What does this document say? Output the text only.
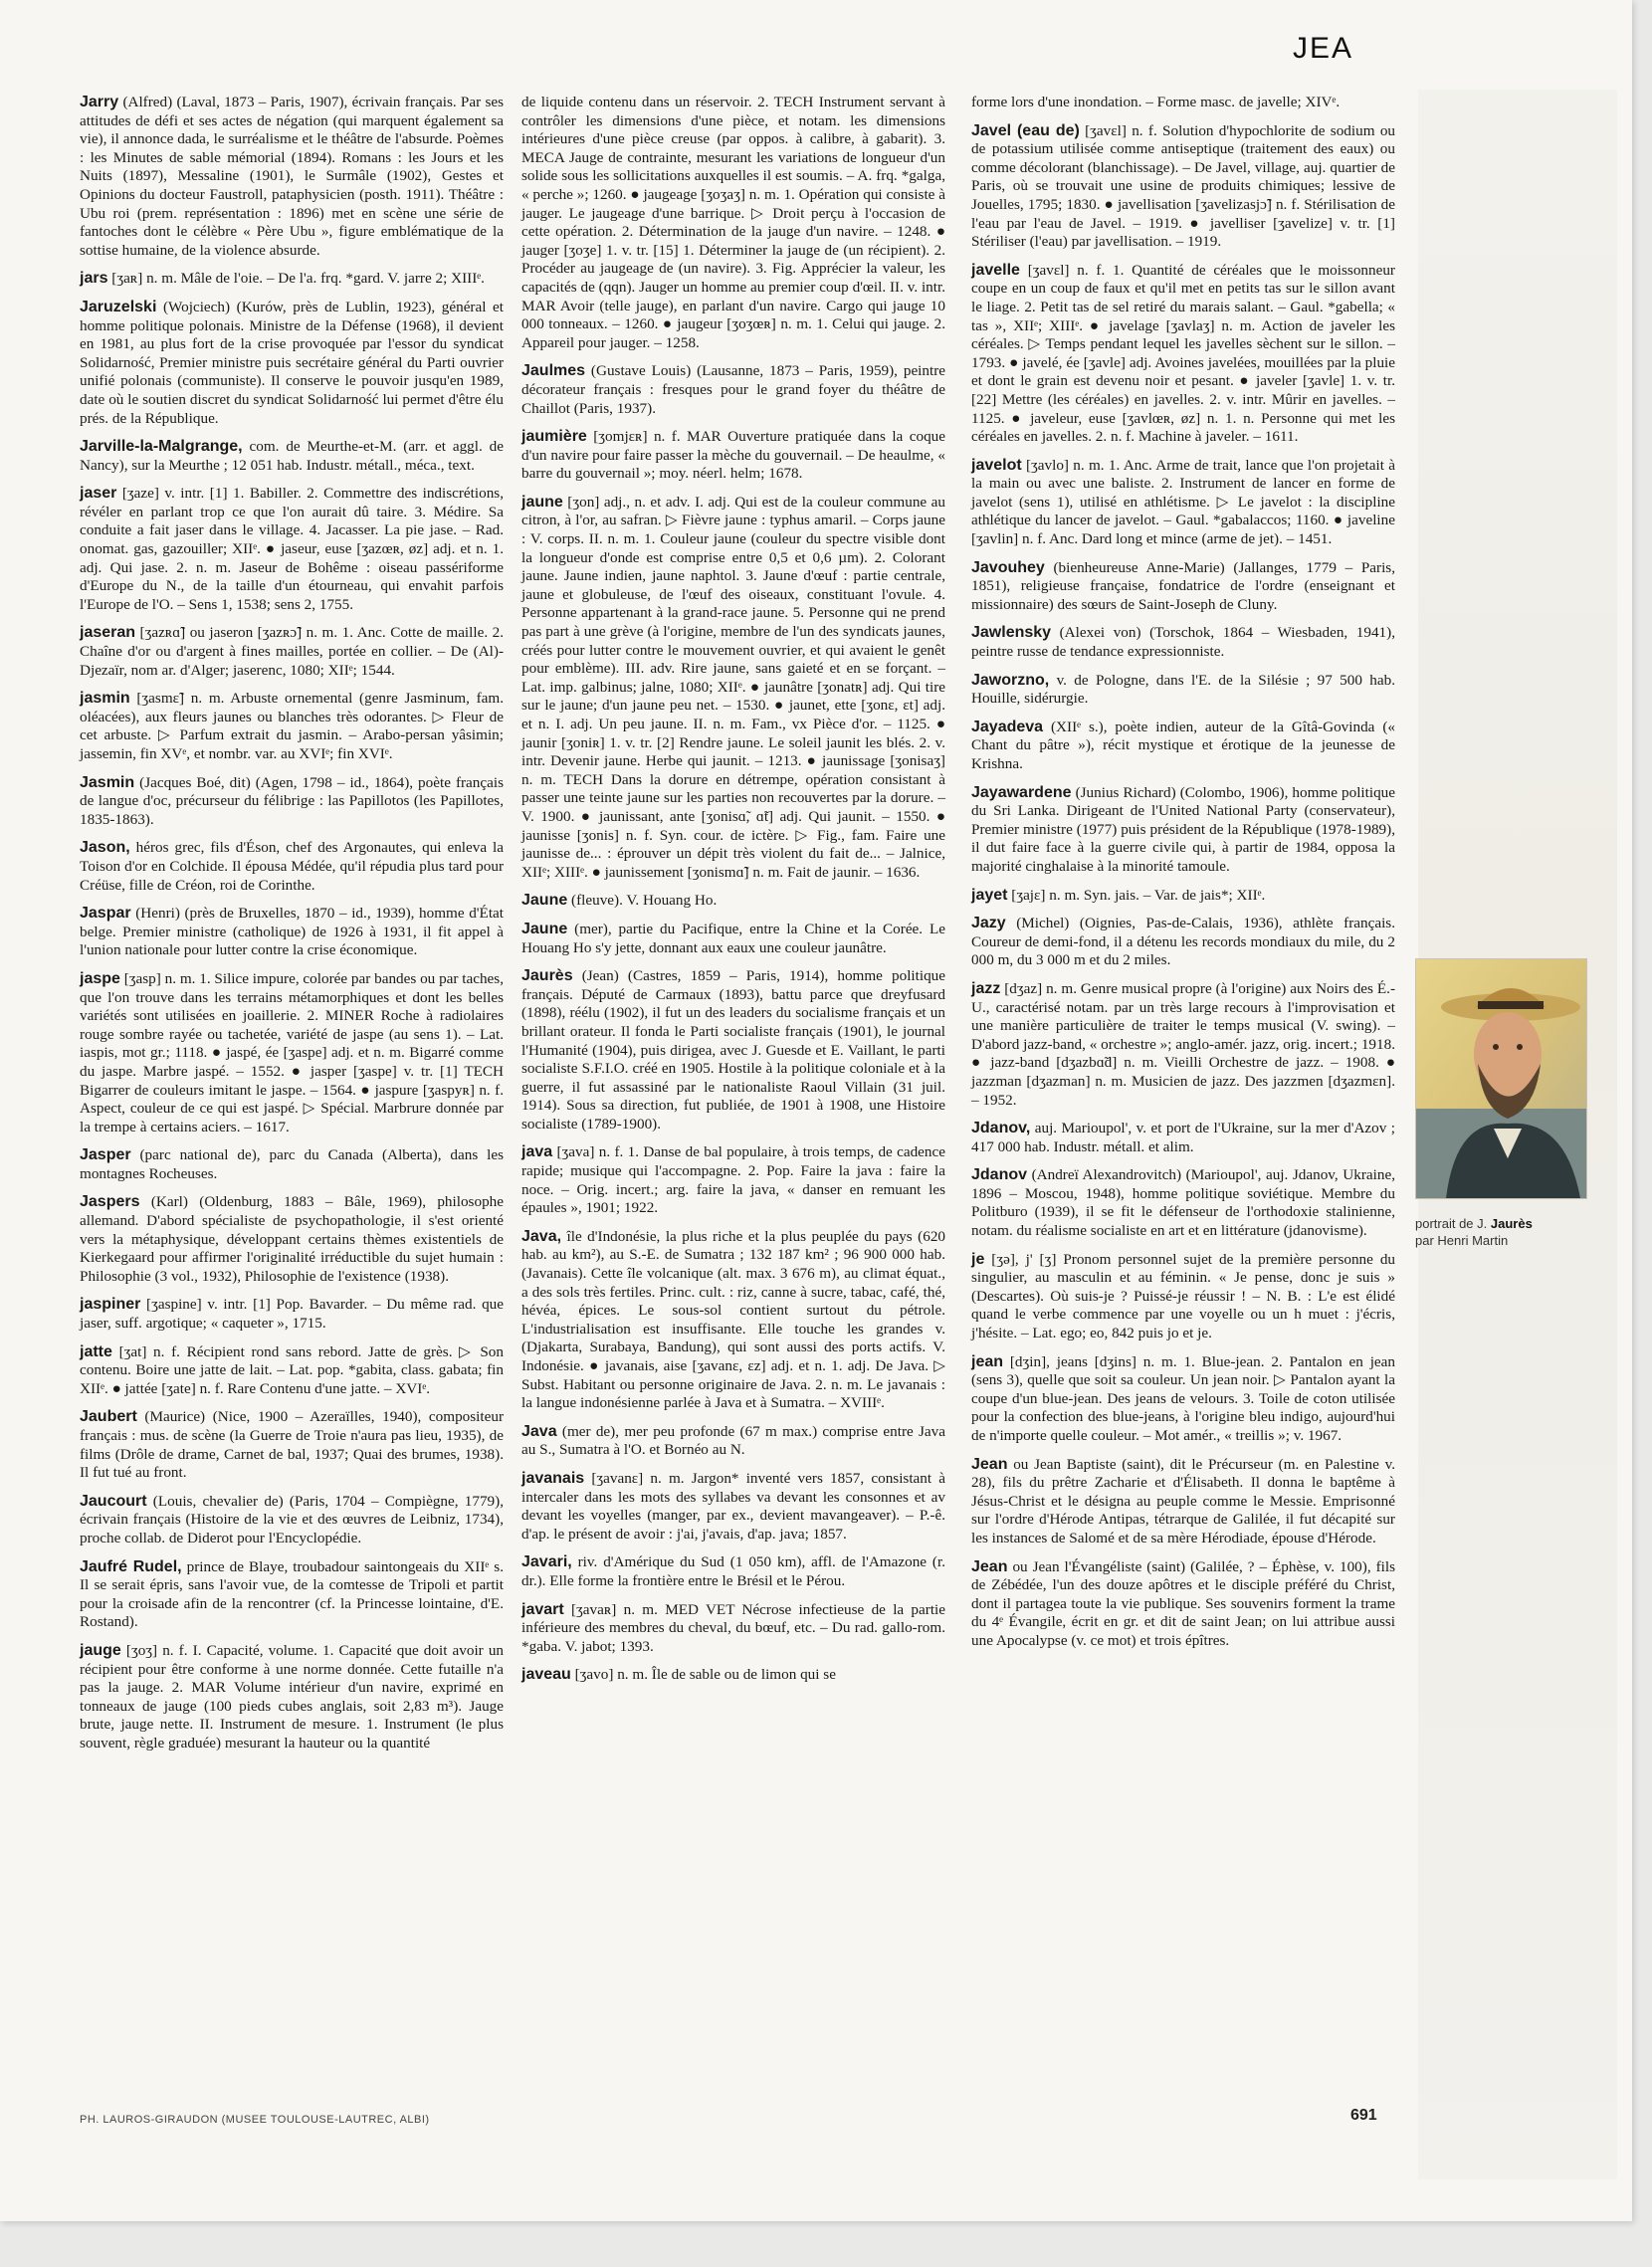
JEA

Jarry (Alfred) (Laval, 1873 – Paris, 1907), écrivain français. Par ses attitudes de défi et ses actes de négation (qui marquent également sa vie), il annonce dada, le surréalisme et le théâtre de l'absurde. Poèmes : les Minutes de sable mémorial (1894). Romans : les Jours et les Nuits (1897), Messaline (1901), le Surmâle (1902), Gestes et Opinions du docteur Faustroll, pataphysicien (posth. 1911). Théâtre : Ubu roi (prem. représentation : 1896) met en scène une série de fantoches dont le célèbre « Père Ubu », figure emblématique de la sottise humaine, de la violence absurde.

jars [ʒaʀ] n. m. Mâle de l'oie. – De l'a. frq. *gard. V. jarre 2; XIIIᵉ.

Jaruzelski (Wojciech) (Kurów, près de Lublin, 1923), général et homme politique polonais. Ministre de la Défense (1968), il devient en 1981, au plus fort de la crise provoquée par l'essor du syndicat Solidarność, Premier ministre puis secrétaire général du Parti ouvrier unifié polonais (communiste). Il conserve le pouvoir jusqu'en 1989, date où le soutien discret du syndicat Solidarność lui permet d'être élu prés. de la République.

Jarville-la-Malgrange, com. de Meurthe-et-M. (arr. et aggl. de Nancy), sur la Meurthe ; 12 051 hab. Industr. métall., méca., text.

jaser [ʒaze] v. intr. [1] 1. Babiller. 2. Commettre des indiscrétions, révéler en parlant trop ce que l'on aurait dû taire. 3. Médire. Sa conduite a fait jaser dans le village. 4. Jacasser. La pie jase. – Rad. onomat. gas, gazouiller; XIIᵉ. ● jaseur, euse [ʒazœʀ, øz] adj. et n. 1. adj. Qui jase. 2. n. m. Jaseur de Bohême : oiseau passériforme d'Europe du N., de la taille d'un étourneau, qui envahit parfois l'Europe de l'O. – Sens 1, 1538; sens 2, 1755.

jaseran [ʒazʀɑ̃] ou jaseron [ʒazʀɔ̃] n. m. 1. Anc. Cotte de maille. 2. Chaîne d'or ou d'argent à fines mailles, portée en collier. – De (Al)-Djezaïr, nom ar. d'Alger; jaserenc, 1080; XIIᵉ; 1544.

jasmin [ʒasmɛ̃] n. m. Arbuste ornemental (genre Jasminum, fam. oléacées), aux fleurs jaunes ou blanches très odorantes. ▷ Fleur de cet arbuste. ▷ Parfum extrait du jasmin. – Arabo-persan yâsimin; jassemin, fin XVᵉ, et nombr. var. au XVIᵉ; fin XVIᵉ.

Jasmin (Jacques Boé, dit) (Agen, 1798 – id., 1864), poète français de langue d'oc, précurseur du félibrige : las Papillotos (les Papillotes, 1835-1863).

Jason, héros grec, fils d'Éson, chef des Argonautes, qui enleva la Toison d'or en Colchide. Il épousa Médée, qu'il répudia plus tard pour Créüse, fille de Créon, roi de Corinthe.

Jaspar (Henri) (près de Bruxelles, 1870 – id., 1939), homme d'État belge. Premier ministre (catholique) de 1926 à 1931, il fit appel à l'union nationale pour lutter contre la crise économique.

jaspe [ʒasp] n. m. 1. Silice impure, colorée par bandes ou par taches, que l'on trouve dans les terrains métamorphiques et dont les belles variétés sont utilisées en joaillerie. 2. MINER Roche à radiolaires rouge sombre rayée ou tachetée, variété de jaspe (au sens 1). – Lat. iaspis, mot gr.; 1118. ● jaspé, ée [ʒaspe] adj. et n. m. Bigarré comme du jaspe. Marbre jaspé. – 1552. ● jasper [ʒaspe] v. tr. [1] TECH Bigarrer de couleurs imitant le jaspe. – 1564. ● jaspure [ʒaspyʀ] n. f. Aspect, couleur de ce qui est jaspé. ▷ Spécial. Marbrure donnée par la trempe à certains aciers. – 1617.

Jasper (parc national de), parc du Canada (Alberta), dans les montagnes Rocheuses.

Jaspers (Karl) (Oldenburg, 1883 – Bâle, 1969), philosophe allemand. D'abord spécialiste de psychopathologie, il s'est orienté vers la métaphysique, développant certains thèmes existentiels de Kierkegaard pour affirmer l'originalité irréductible du sujet humain : Philosophie (3 vol., 1932), Philosophie de l'existence (1938).

jaspiner [ʒaspine] v. intr. [1] Pop. Bavarder. – Du même rad. que jaser, suff. argotique; « caqueter », 1715.

jatte [ʒat] n. f. Récipient rond sans rebord. Jatte de grès. ▷ Son contenu. Boire une jatte de lait. – Lat. pop. *gabita, class. gabata; fin XIIᵉ. ● jattée [ʒate] n. f. Rare Contenu d'une jatte. – XVIᵉ.

Jaubert (Maurice) (Nice, 1900 – Azeraïlles, 1940), compositeur français : mus. de scène (la Guerre de Troie n'aura pas lieu, 1935), de films (Drôle de drame, Carnet de bal, 1937; Quai des brumes, 1938). Il fut tué au front.

Jaucourt (Louis, chevalier de) (Paris, 1704 – Compiègne, 1779), écrivain français (Histoire de la vie et des œuvres de Leibniz, 1734), proche collab. de Diderot pour l'Encyclopédie.

Jaufré Rudel, prince de Blaye, troubadour saintongeais du XIIᵉ s. Il se serait épris, sans l'avoir vue, de la comtesse de Tripoli et partit pour la croisade afin de la rencontrer (cf. la Princesse lointaine, d'E. Rostand).

jauge [ʒoʒ] n. f. I. Capacité, volume. 1. Capacité que doit avoir un récipient pour être conforme à une norme donnée. Cette futaille n'a pas la jauge. 2. MAR Volume intérieur d'un navire, exprimé en tonneaux de jauge (100 pieds cubes anglais, soit 2,83 m³). Jauge brute, jauge nette. II. Instrument de mesure. 1. Instrument (le plus souvent, règle graduée) mesurant la hauteur ou la quantité

de liquide contenu dans un réservoir. 2. TECH Instrument servant à contrôler les dimensions d'une pièce, et notam. les dimensions intérieures d'une pièce creuse (par oppos. à calibre, à gabarit). 3. MECA Jauge de contrainte, mesurant les variations de longueur d'un solide sous les sollicitations auxquelles il est soumis. – A. frq. *galga, « perche »; 1260. ● jaugeage [ʒoʒaʒ] n. m. 1. Opération qui consiste à jauger. Le jaugeage d'une barrique. ▷ Droit perçu à l'occasion de cette opération. 2. Détermination de la jauge d'un navire. – 1248. ● jauger [ʒoʒe] 1. v. tr. [15] 1. Déterminer la jauge de (un récipient). 2. Procéder au jaugeage de (un navire). 3. Fig. Apprécier la valeur, les capacités de (qqn). Jauger un homme au premier coup d'œil. II. v. intr. MAR Avoir (telle jauge), en parlant d'un navire. Cargo qui jauge 10 000 tonneaux. – 1260. ● jaugeur [ʒoʒœʀ] n. m. 1. Celui qui jauge. 2. Appareil pour jauger. – 1258.

Jaulmes (Gustave Louis) (Lausanne, 1873 – Paris, 1959), peintre décorateur français : fresques pour le grand foyer du théâtre de Chaillot (Paris, 1937).

jaumière [ʒomjɛʀ] n. f. MAR Ouverture pratiquée dans la coque d'un navire pour faire passer la mèche du gouvernail. – De heaulme, « barre du gouvernail »; moy. néerl. helm; 1678.

jaune [ʒon] adj., n. et adv. I. adj. Qui est de la couleur commune au citron, à l'or, au safran. ▷ Fièvre jaune : typhus amaril. – Corps jaune : V. corps. II. n. m. 1. Couleur jaune (couleur du spectre visible dont la longueur d'onde est comprise entre 0,5 et 0,6 µm). 2. Colorant jaune. Jaune indien, jaune naphtol. 3. Jaune d'œuf : partie centrale, jaune et globuleuse, de l'œuf des oiseaux, constituant l'ovule. 4. Personne appartenant à la grand-race jaune. 5. Personne qui ne prend pas part à une grève (à l'origine, membre de l'un des syndicats jaunes, créés pour lutter contre le mouvement ouvrier, et qui avaient le genêt pour emblème). III. adv. Rire jaune, sans gaieté et en se forçant. – Lat. imp. galbinus; jalne, 1080; XIIᵉ. ● jaunâtre [ʒonatʀ] adj. Qui tire sur le jaune; d'un jaune peu net. – 1530. ● jaunet, ette [ʒonɛ, ɛt] adj. et n. I. adj. Un peu jaune. II. n. m. Fam., vx Pièce d'or. – 1125. ● jaunir [ʒoniʀ] 1. v. tr. [2] Rendre jaune. Le soleil jaunit les blés. 2. v. intr. Devenir jaune. Herbe qui jaunit. – 1213. ● jaunissage [ʒonisaʒ] n. m. TECH Dans la dorure en détrempe, opération consistant à passer une teinte jaune sur les parties non recouvertes par la dorure. – V. 1900. ● jaunissant, ante [ʒonisɑ̃, ɑ̃t] adj. Qui jaunit. – 1550. ● jaunisse [ʒonis] n. f. Syn. cour. de ictère. ▷ Fig., fam. Faire une jaunisse de... : éprouver un dépit très violent du fait de... – Jalnice, XIIᵉ; XIIIᵉ. ● jaunissement [ʒonismɑ̃] n. m. Fait de jaunir. – 1636.

Jaune (fleuve). V. Houang Ho.

Jaune (mer), partie du Pacifique, entre la Chine et la Corée. Le Houang Ho s'y jette, donnant aux eaux une couleur jaunâtre.

Jaurès (Jean) (Castres, 1859 – Paris, 1914), homme politique français. Député de Carmaux (1893), battu parce que dreyfusard (1898), réélu (1902), il fut un des leaders du socialisme français et un brillant orateur. Il fonda le Parti socialiste français (1901), le journal l'Humanité (1904), puis dirigea, avec J. Guesde et E. Vaillant, le parti socialiste S.F.I.O. créé en 1905. Hostile à la politique coloniale et à la guerre, il fut assassiné par le nationaliste Raoul Villain (31 juil. 1914). Sous sa direction, fut publiée, de 1901 à 1908, une Histoire socialiste (1789-1900).

java [ʒava] n. f. 1. Danse de bal populaire, à trois temps, de cadence rapide; musique qui l'accompagne. 2. Pop. Faire la java : faire la noce. – Orig. incert.; arg. faire la java, « danser en remuant les épaules », 1901; 1922.

Java, île d'Indonésie, la plus riche et la plus peuplée du pays (620 hab. au km²), au S.-E. de Sumatra ; 132 187 km² ; 96 900 000 hab. (Javanais). Cette île volcanique (alt. max. 3 676 m), au climat équat., a des sols très fertiles. Princ. cult. : riz, canne à sucre, tabac, café, thé, hévéa, épices. Le sous-sol contient surtout du pétrole. L'industrialisation est insuffisante. Elle touche les grandes v. (Djakarta, Surabaya, Bandung), qui sont aussi des ports actifs. V. Indonésie. ● javanais, aise [ʒavanɛ, ɛz] adj. et n. 1. adj. De Java. ▷ Subst. Habitant ou personne originaire de Java. 2. n. m. Le javanais : la langue indonésienne parlée à Java et à Sumatra. – XVIIIᵉ.

Java (mer de), mer peu profonde (67 m max.) comprise entre Java au S., Sumatra à l'O. et Bornéo au N.

javanais [ʒavanɛ] n. m. Jargon* inventé vers 1857, consistant à intercaler dans les mots des syllabes va devant les consonnes et av devant les voyelles (manger, par ex., devient mavangeaver). – P.-ê. d'ap. le présent de avoir : j'ai, j'avais, d'ap. java; 1857.

Javari, riv. d'Amérique du Sud (1 050 km), affl. de l'Amazone (r. dr.). Elle forme la frontière entre le Brésil et le Pérou.

javart [ʒavaʀ] n. m. MED VET Nécrose infectieuse de la partie inférieure des membres du cheval, du bœuf, etc. – Du rad. gallo-rom. *gaba. V. jabot; 1393.

javeau [ʒavo] n. m. Île de sable ou de limon qui se

forme lors d'une inondation. – Forme masc. de javelle; XIVᵉ.

Javel (eau de) [ʒavɛl] n. f. Solution d'hypochlorite de sodium ou de potassium utilisée comme antiseptique (traitement des eaux) ou comme décolorant (blanchissage). – De Javel, village, auj. quartier de Paris, où se trouvait une usine de produits chimiques; lessive de Jouelles, 1795; 1830. ● javellisation [ʒavelizasjɔ̃] n. f. Stérilisation de l'eau par l'eau de Javel. – 1919. ● javelliser [ʒavelize] v. tr. [1] Stériliser (l'eau) par javellisation. – 1919.

javelle [ʒavɛl] n. f. 1. Quantité de céréales que le moissonneur coupe en un coup de faux et qu'il met en petits tas sur le sillon avant le liage. 2. Petit tas de sel retiré du marais salant. – Gaul. *gabella; « tas », XIIᵉ; XIIIᵉ. ● javelage [ʒavlaʒ] n. m. Action de javeler les céréales. ▷ Temps pendant lequel les javelles sèchent sur le sillon. – 1793. ● javelé, ée [ʒavle] adj. Avoines javelées, mouillées par la pluie et dont le grain est devenu noir et pesant. ● javeler [ʒavle] 1. v. tr. [22] Mettre (les céréales) en javelles. 2. v. intr. Mûrir en javelles. – 1125. ● javeleur, euse [ʒavlœʀ, øz] n. 1. n. Personne qui met les céréales en javelles. 2. n. f. Machine à javeler. – 1611.

javelot [ʒavlo] n. m. 1. Anc. Arme de trait, lance que l'on projetait à la main ou avec une baliste. 2. Instrument de lancer en forme de javelot (sens 1), utilisé en athlétisme. ▷ Le javelot : la discipline athlétique du lancer de javelot. – Gaul. *gabalaccos; 1160. ● javeline [ʒavlin] n. f. Anc. Dard long et mince (arme de jet). – 1451.

Javouhey (bienheureuse Anne-Marie) (Jallanges, 1779 – Paris, 1851), religieuse française, fondatrice de l'ordre (enseignant et missionnaire) des sœurs de Saint-Joseph de Cluny.

Jawlensky (Alexei von) (Torschok, 1864 – Wiesbaden, 1941), peintre russe de tendance expressionniste.

Jaworzno, v. de Pologne, dans l'E. de la Silésie ; 97 500 hab. Houille, sidérurgie.

Jayadeva (XIIᵉ s.), poète indien, auteur de la Gîtâ-Govinda (« Chant du pâtre »), récit mystique et érotique de la jeunesse de Krishna.

Jayawardene (Junius Richard) (Colombo, 1906), homme politique du Sri Lanka. Dirigeant de l'United National Party (conservateur), Premier ministre (1977) puis président de la République (1978-1989), il dut faire face à la guerre civile qui, à partir de 1984, opposa la majorité cinghalaise à la minorité tamoule.

jayet [ʒajɛ] n. m. Syn. jais. – Var. de jais*; XIIᵉ.

Jazy (Michel) (Oignies, Pas-de-Calais, 1936), athlète français. Coureur de demi-fond, il a détenu les records mondiaux du mile, du 2 000 m, du 3 000 m et du 2 miles.

jazz [dʒaz] n. m. Genre musical propre (à l'origine) aux Noirs des É.-U., caractérisé notam. par un très large recours à l'improvisation et une manière particulière de traiter le temps musical (V. swing). – D'abord jazz-band, « orchestre »; anglo-amér. jazz, orig. incert.; 1918. ● jazz-band [dʒazbɑ̃d] n. m. Vieilli Orchestre de jazz. – 1908. ● jazzman [dʒazman] n. m. Musicien de jazz. Des jazzmen [dʒazmɛn]. – 1952.

Jdanov, auj. Marioupol', v. et port de l'Ukraine, sur la mer d'Azov ; 417 000 hab. Industr. métall. et alim.

Jdanov (Andreï Alexandrovitch) (Marioupol', auj. Jdanov, Ukraine, 1896 – Moscou, 1948), homme politique soviétique. Membre du Politburo (1939), il se fit le défenseur de l'orthodoxie stalinienne, notam. du réalisme socialiste en art et en littérature (jdanovisme).

je [ʒə], j' [ʒ] Pronom personnel sujet de la première personne du singulier, au masculin et au féminin. « Je pense, donc je suis » (Descartes). Où suis-je ? Puissé-je réussir ! – N. B. : L'e est élidé quand le verbe commence par une voyelle ou un h muet : j'écris, j'hésite. – Lat. ego; eo, 842 puis jo et je.

jean [dʒin], jeans [dʒins] n. m. 1. Blue-jean. 2. Pantalon en jean (sens 3), quelle que soit sa couleur. Un jean noir. ▷ Pantalon ayant la coupe d'un blue-jean. Des jeans de velours. 3. Toile de coton utilisée pour la confection des blue-jeans, à l'origine bleu indigo, aujourd'hui de n'importe quelle couleur. – Mot amér., « treillis »; v. 1967.

Jean ou Jean Baptiste (saint), dit le Précurseur (m. en Palestine v. 28), fils du prêtre Zacharie et d'Élisabeth. Il donna le baptême à Jésus-Christ et le désigna au peuple comme le Messie. Emprisonné sur l'ordre d'Hérode Antipas, tétrarque de Galilée, il fut décapité sur les instances de Salomé et de sa mère Hérodiade, épouse d'Hérode.

Jean ou Jean l'Évangéliste (saint) (Galilée, ? – Éphèse, v. 100), fils de Zébédée, l'un des douze apôtres et le disciple préféré du Christ, dont il partagea toute la vie publique. Ses souvenirs forment la trame du 4ᵉ Évangile, écrit en gr. et dit de saint Jean; on lui attribue aussi une Apocalypse (v. ce mot) et trois épîtres.

portrait de J. Jaurès
par Henri Martin
PH. LAUROS-GIRAUDON (MUSEE TOULOUSE-LAUTREC, ALBI)	691
